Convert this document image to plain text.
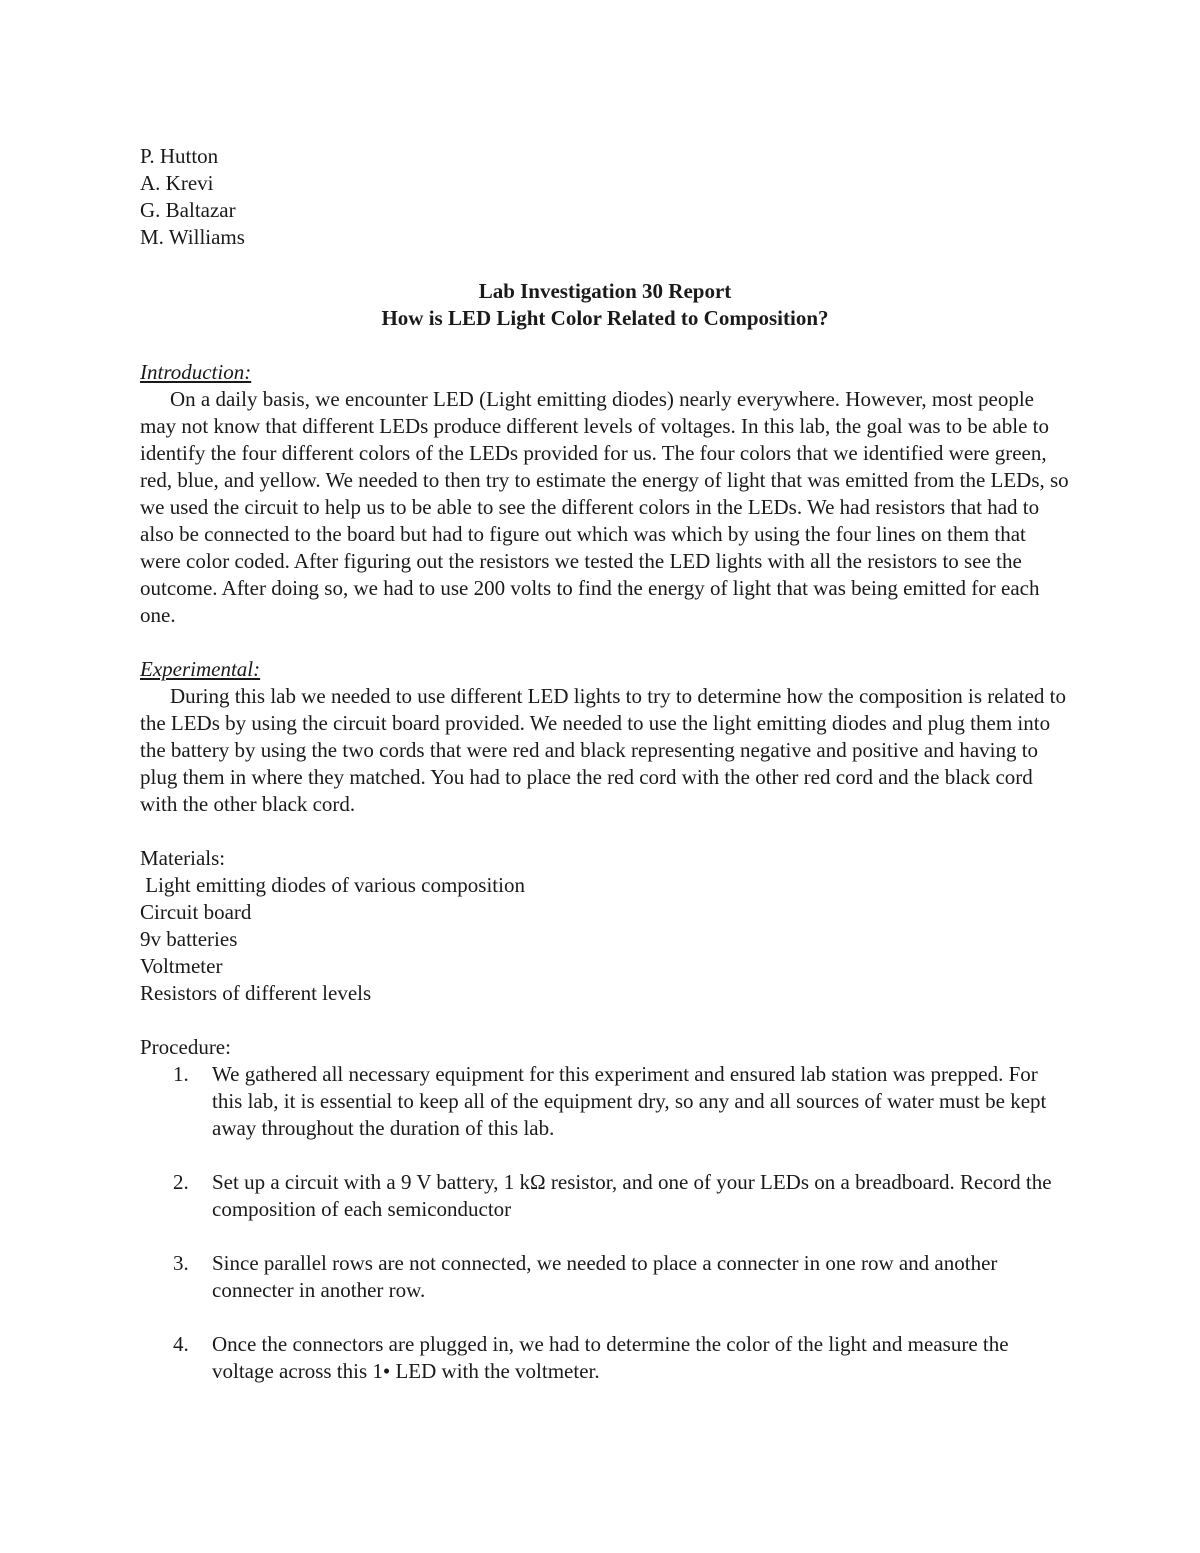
P. Hutton
A. Krevi
G. Baltazar
M. Williams
Lab Investigation 30 Report
How is LED Light Color Related to Composition?
Introduction:

On a daily basis, we encounter LED (Light emitting diodes) nearly everywhere. However, most people may not know that different LEDs produce different levels of voltages. In this lab, the goal was to be able to identify the four different colors of the LEDs provided for us. The four colors that we identified were green, red, blue, and yellow. We needed to then try to estimate the energy of light that was emitted from the LEDs, so we used the circuit to help us to be able to see the different colors in the LEDs. We had resistors that had to also be connected to the board but had to figure out which was which by using the four lines on them that were color coded. After figuring out the resistors we tested the LED lights with all the resistors to see the outcome. After doing so, we had to use 200 volts to find the energy of light that was being emitted for each one.

Experimental:

During this lab we needed to use different LED lights to try to determine how the composition is related to the LEDs by using the circuit board provided. We needed to use the light emitting diodes and plug them into the battery by using the two cords that were red and black representing negative and positive and having to plug them in where they matched. You had to place the red cord with the other red cord and the black cord with the other black cord.

Materials:
Light emitting diodes of various composition
Circuit board
9v batteries
Voltmeter
Resistors of different levels
Procedure:
1. We gathered all necessary equipment for this experiment and ensured lab station was prepped. For this lab, it is essential to keep all of the equipment dry, so any and all sources of water must be kept away throughout the duration of this lab.
2. Set up a circuit with a 9 V battery, 1 kΩ resistor, and one of your LEDs on a breadboard. Record the composition of each semiconductor
3. Since parallel rows are not connected, we needed to place a connecter in one row and another connecter in another row.
4. Once the connectors are plugged in, we had to determine the color of the light and measure the voltage across this 1• LED with the voltmeter.
